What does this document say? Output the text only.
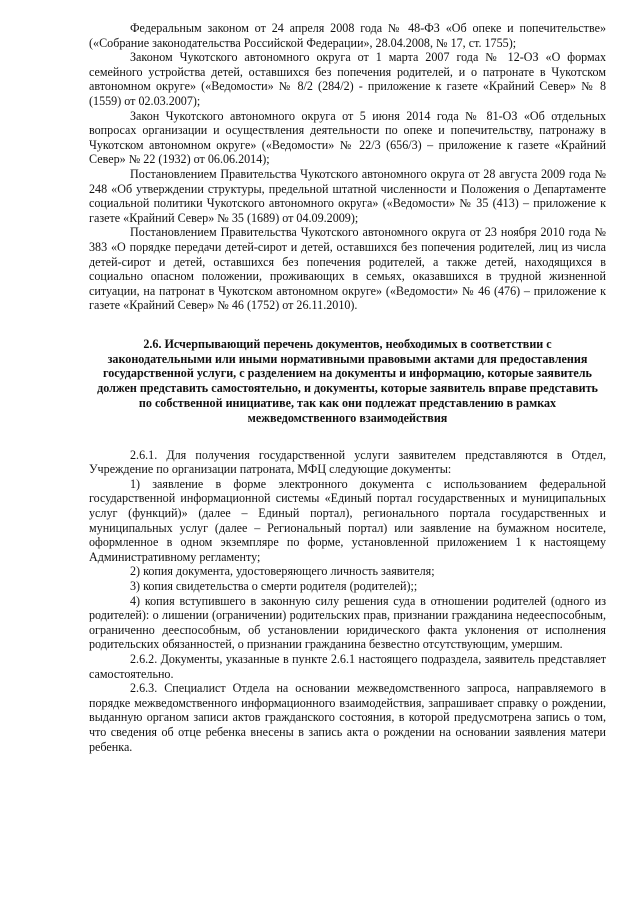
Федеральным законом от 24 апреля 2008 года № 48-ФЗ «Об опеке и попечительстве» («Собрание законодательства Российской Федерации», 28.04.2008, № 17, ст. 1755);

Законом Чукотского автономного округа от 1 марта 2007 года № 12-ОЗ «О формах семейного устройства детей, оставшихся без попечения родителей, и о патронате в Чукотском автономном округе» («Ведомости» № 8/2 (284/2) - приложение к газете «Крайний Север» № 8 (1559) от 02.03.2007);

Закон Чукотского автономного округа от 5 июня 2014 года № 81-ОЗ «Об отдельных вопросах организации и осуществления деятельности по опеке и попечительству, патронажу в Чукотском автономном округе» («Ведомости» № 22/3 (656/3) – приложение к газете «Крайний Север» № 22 (1932) от 06.06.2014);

Постановлением Правительства Чукотского автономного округа от 28 августа 2009 года № 248 «Об утверждении структуры, предельной штатной численности и Положения о Департаменте социальной политики Чукотского автономного округа» («Ведомости» № 35 (413) – приложение к газете «Крайний Север» № 35 (1689) от 04.09.2009);

Постановлением Правительства Чукотского автономного округа от 23 ноября 2010 года № 383 «О порядке передачи детей-сирот и детей, оставшихся без попечения родителей, лиц из числа детей-сирот и детей, оставшихся без попечения родителей, а также детей, находящихся в социально опасном положении, проживающих в семьях, оказавшихся в трудной жизненной ситуации, на патронат в Чукотском автономном округе» («Ведомости» № 46 (476) – приложение к газете «Крайний Север» № 46 (1752) от 26.11.2010).

2.6. Исчерпывающий перечень документов, необходимых в соответствии с законодательными или иными нормативными правовыми актами для предоставления государственной услуги, с разделением на документы и информацию, которые заявитель должен представить самостоятельно, и документы, которые заявитель вправе представить по собственной инициативе, так как они подлежат представлению в рамках межведомственного взаимодействия

2.6.1. Для получения государственной услуги заявителем представляются в Отдел, Учреждение по организации патроната, МФЦ следующие документы:

1) заявление в форме электронного документа с использованием федеральной государственной информационной системы «Единый портал государственных и муниципальных услуг (функций)» (далее – Единый портал), регионального портала государственных и муниципальных услуг (далее – Региональный портал) или заявление на бумажном носителе, оформленное в одном экземпляре по форме, установленной приложением 1 к настоящему Административному регламенту;

2) копия документа, удостоверяющего личность заявителя;

3) копия свидетельства о смерти родителя (родителей);;

4) копия вступившего в законную силу решения суда в отношении родителей (одного из родителей): о лишении (ограничении) родительских прав, признании гражданина недееспособным, ограниченно дееспособным, об установлении юридического факта уклонения от исполнения родительских обязанностей, о признании гражданина безвестно отсутствующим, умершим.

2.6.2. Документы, указанные в пункте 2.6.1 настоящего подраздела, заявитель представляет самостоятельно.

2.6.3. Специалист Отдела на основании межведомственного запроса, направляемого в порядке межведомственного информационного взаимодействия, запрашивает справку о рождении, выданную органом записи актов гражданского состояния, в которой предусмотрена запись о том, что сведения об отце ребенка внесены в запись акта о рождении на основании заявления матери ребенка.
